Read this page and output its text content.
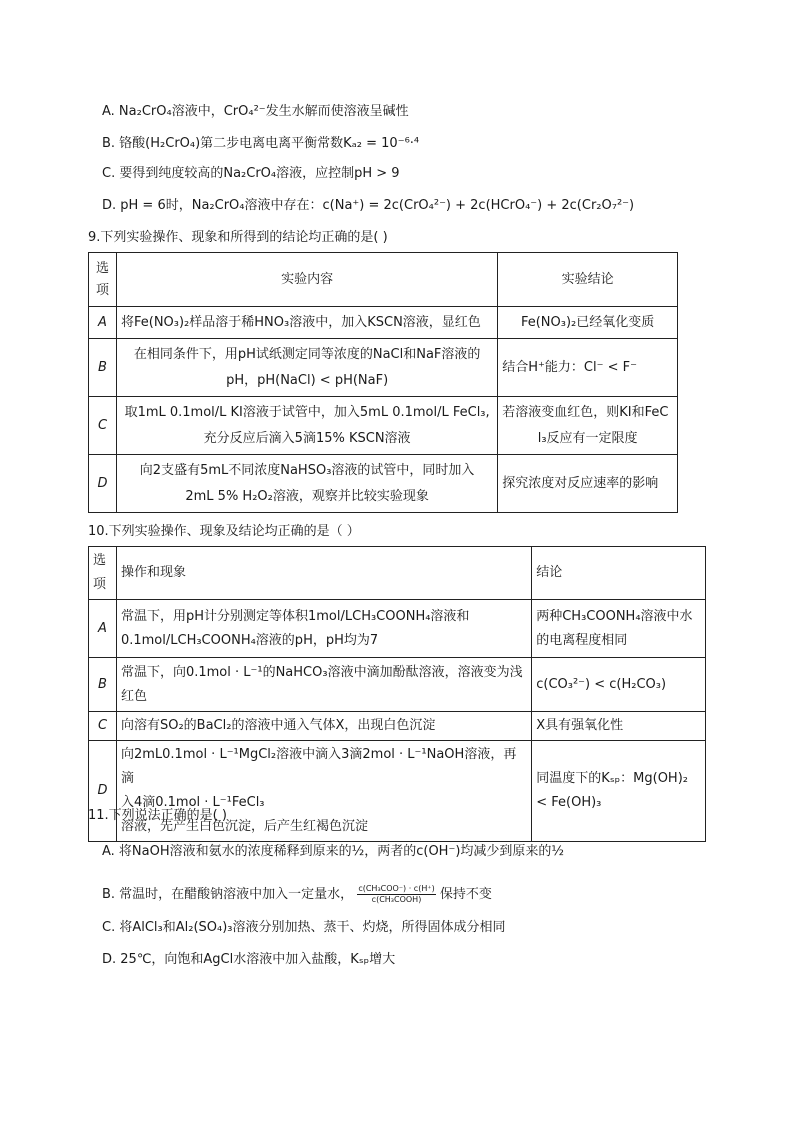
A. Na₂CrO₄溶液中，CrO₄²⁻发生水解而使溶液呈碱性
B. 铬酸(H₂CrO₄)第二步电离电离平衡常数Kₐ₂ = 10⁻⁶·⁴
C. 要得到纯度较高的Na₂CrO₄溶液，应控制pH > 9
D. pH = 6时，Na₂CrO₄溶液中存在：c(Na⁺) = 2c(CrO₄²⁻) + 2c(HCrO₄⁻) + 2c(Cr₂O₇²⁻)
9.下列实验操作、现象和所得到的结论均正确的是( )
选
项	实验内容	实验结论
A	将Fe(NO₃)₂样品溶于稀HNO₃溶液中，加入KSCN溶液，显红色	Fe(NO₃)₂已经氧化变质

B	在相同条件下，用pH试纸测定同等浓度的NaCl和NaF溶液的
pH，pH(NaCl) < pH(NaF)	结合H⁺能力：Cl⁻ < F⁻

C	取1mL 0.1mol/L KI溶液于试管中，加入5mL 0.1mol/L FeCl₃,
充分反应后滴入5滴15% KSCN溶液	若溶液变血红色，则KI和FeC
l₃反应有一定限度

D	向2支盛有5mL不同浓度NaHSO₃溶液的试管中，同时加入
2mL 5% H₂O₂溶液，观察并比较实验现象	探究浓度对反应速率的影响
10.下列实验操作、现象及结论均正确的是（ ）
选项	操作和现象	结论
A	常温下，用pH计分别测定等体积1mol/LCH₃COONH₄溶液和
0.1mol/LCH₃COONH₄溶液的pH，pH均为7	两种CH₃COONH₄溶液中水
的电离程度相同

B	常温下，向0.1mol · L⁻¹的NaHCO₃溶液中滴加酚酞溶液，溶液变为浅
红色	c(CO₃²⁻) < c(H₂CO₃)

C	向溶有SO₂的BaCl₂的溶液中通入气体X，出现白色沉淀	X具有强氧化性

D	向2mL0.1mol · L⁻¹MgCl₂溶液中滴入3滴2mol · L⁻¹NaOH溶液，再滴
入4滴0.1mol · L⁻¹FeCl₃
溶液，先产生白色沉淀，后产生红褐色沉淀	同温度下的Kₛₚ：Mg(OH)₂
< Fe(OH)₃
11.下列说法正确的是( )
A. 将NaOH溶液和氨水的浓度稀释到原来的½，两者的c(OH⁻)均减少到原来的½
B. 常温时，在醋酸钠溶液中加入一定量水， c(CH₃COO⁻) · c(H⁺)
c(CH₃COOH)	保持不变
C. 将AlCl₃和Al₂(SO₄)₃溶液分别加热、蒸干、灼烧，所得固体成分相同
D. 25℃，向饱和AgCl水溶液中加入盐酸，Kₛₚ增大
